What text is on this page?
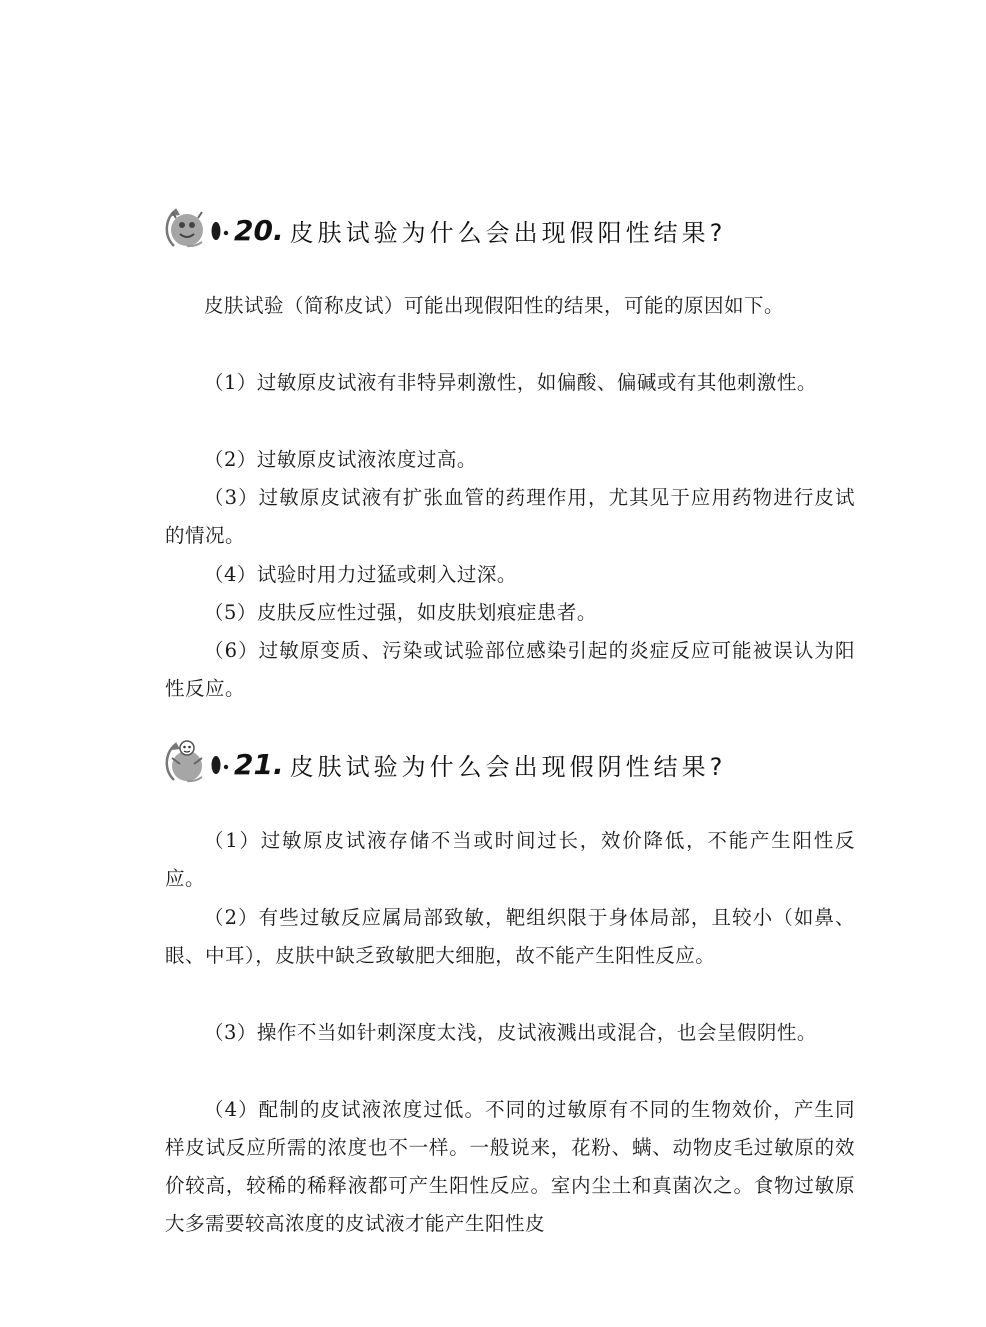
20. 皮肤试验为什么会出现假阳性结果?

皮肤试验（简称皮试）可能出现假阳性的结果，可能的原因如下。

（1）过敏原皮试液有非特异刺激性，如偏酸、偏碱或有其他刺激性。

（2）过敏原皮试液浓度过高。

（3）过敏原皮试液有扩张血管的药理作用，尤其见于应用药物进行皮试的情况。

（4）试验时用力过猛或刺入过深。

（5）皮肤反应性过强，如皮肤划痕症患者。

（6）过敏原变质、污染或试验部位感染引起的炎症反应可能被误认为阳性反应。

21. 皮肤试验为什么会出现假阴性结果?

（1）过敏原皮试液存储不当或时间过长，效价降低，不能产生阳性反应。

（2）有些过敏反应属局部致敏，靶组织限于身体局部，且较小（如鼻、眼、中耳），皮肤中缺乏致敏肥大细胞，故不能产生阳性反应。

（3）操作不当如针刺深度太浅，皮试液溅出或混合，也会呈假阴性。

（4）配制的皮试液浓度过低。不同的过敏原有不同的生物效价，产生同样皮试反应所需的浓度也不一样。一般说来，花粉、螨、动物皮毛过敏原的效价较高，较稀的稀释液都可产生阳性反应。室内尘土和真菌次之。食物过敏原大多需要较高浓度的皮试液才能产生阳性皮
